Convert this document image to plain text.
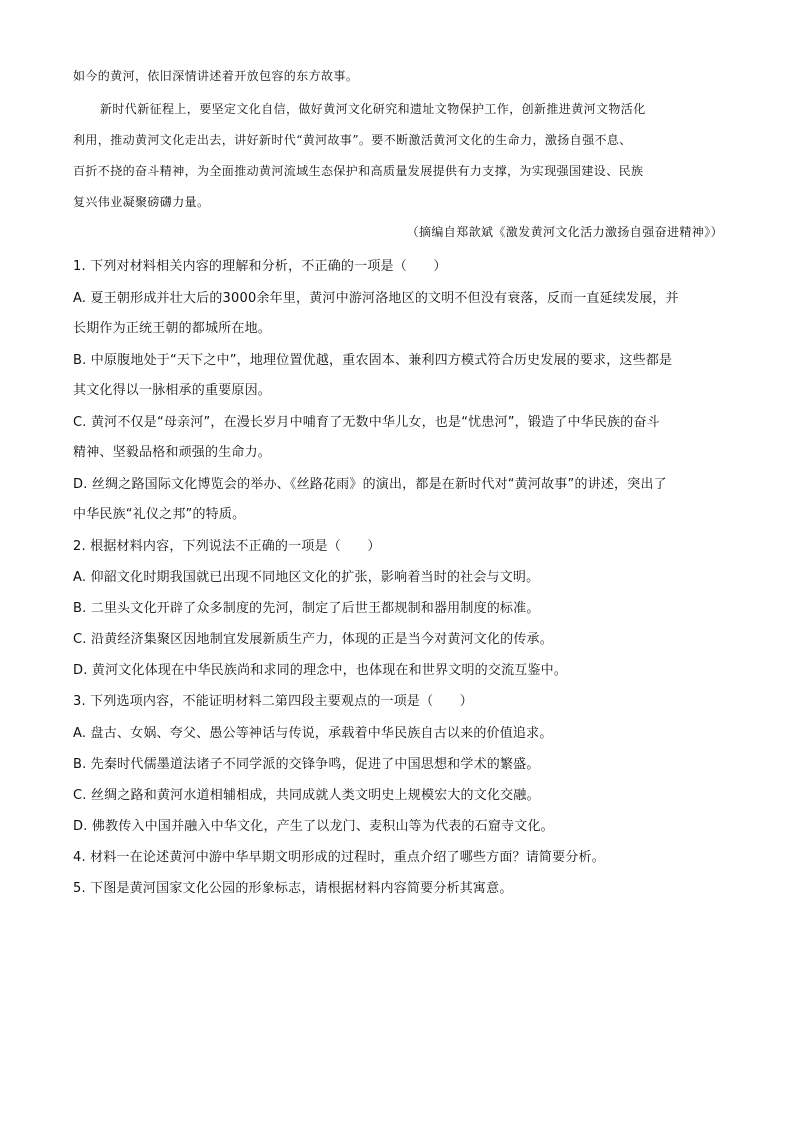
如今的黄河，依旧深情讲述着开放包容的东方故事。
新时代新征程上，要坚定文化自信，做好黄河文化研究和遗址文物保护工作，创新推进黄河文物活化
利用，推动黄河文化走出去，讲好新时代“黄河故事”。要不断激活黄河文化的生命力，激扬自强不息、
百折不挠的奋斗精神，为全面推动黄河流域生态保护和高质量发展提供有力支撑，为实现强国建设、民族
复兴伟业凝聚磅礴力量。
（摘编自郑歆斌《激发黄河文化活力激扬自强奋进精神》）
1. 下列对材料相关内容的理解和分析，不正确的一项是（　　）
A. 夏王朝形成并壮大后的3000余年里，黄河中游河洛地区的文明不但没有衰落，反而一直延续发展，并
长期作为正统王朝的都城所在地。
B. 中原腹地处于“天下之中”，地理位置优越，重农固本、兼利四方模式符合历史发展的要求，这些都是
其文化得以一脉相承的重要原因。
C. 黄河不仅是“母亲河”，在漫长岁月中哺育了无数中华儿女，也是“忧患河”，锻造了中华民族的奋斗
精神、坚毅品格和顽强的生命力。
D. 丝绸之路国际文化博览会的举办、《丝路花雨》的演出，都是在新时代对“黄河故事”的讲述，突出了
中华民族“礼仪之邦”的特质。
2. 根据材料内容，下列说法不正确的一项是（　　）
A. 仰韶文化时期我国就已出现不同地区文化的扩张，影响着当时的社会与文明。
B. 二里头文化开辟了众多制度的先河，制定了后世王都规制和器用制度的标准。
C. 沿黄经济集聚区因地制宜发展新质生产力，体现的正是当今对黄河文化的传承。
D. 黄河文化体现在中华民族尚和求同的理念中，也体现在和世界文明的交流互鉴中。
3. 下列选项内容，不能证明材料二第四段主要观点的一项是（　　）
A. 盘古、女娲、夸父、愚公等神话与传说，承载着中华民族自古以来的价值追求。
B. 先秦时代儒墨道法诸子不同学派的交锋争鸣，促进了中国思想和学术的繁盛。
C. 丝绸之路和黄河水道相辅相成，共同成就人类文明史上规模宏大的文化交融。
D. 佛教传入中国并融入中华文化，产生了以龙门、麦积山等为代表的石窟寺文化。
4. 材料一在论述黄河中游中华早期文明形成的过程时，重点介绍了哪些方面？请简要分析。
5. 下图是黄河国家文化公园的形象标志，请根据材料内容简要分析其寓意。
